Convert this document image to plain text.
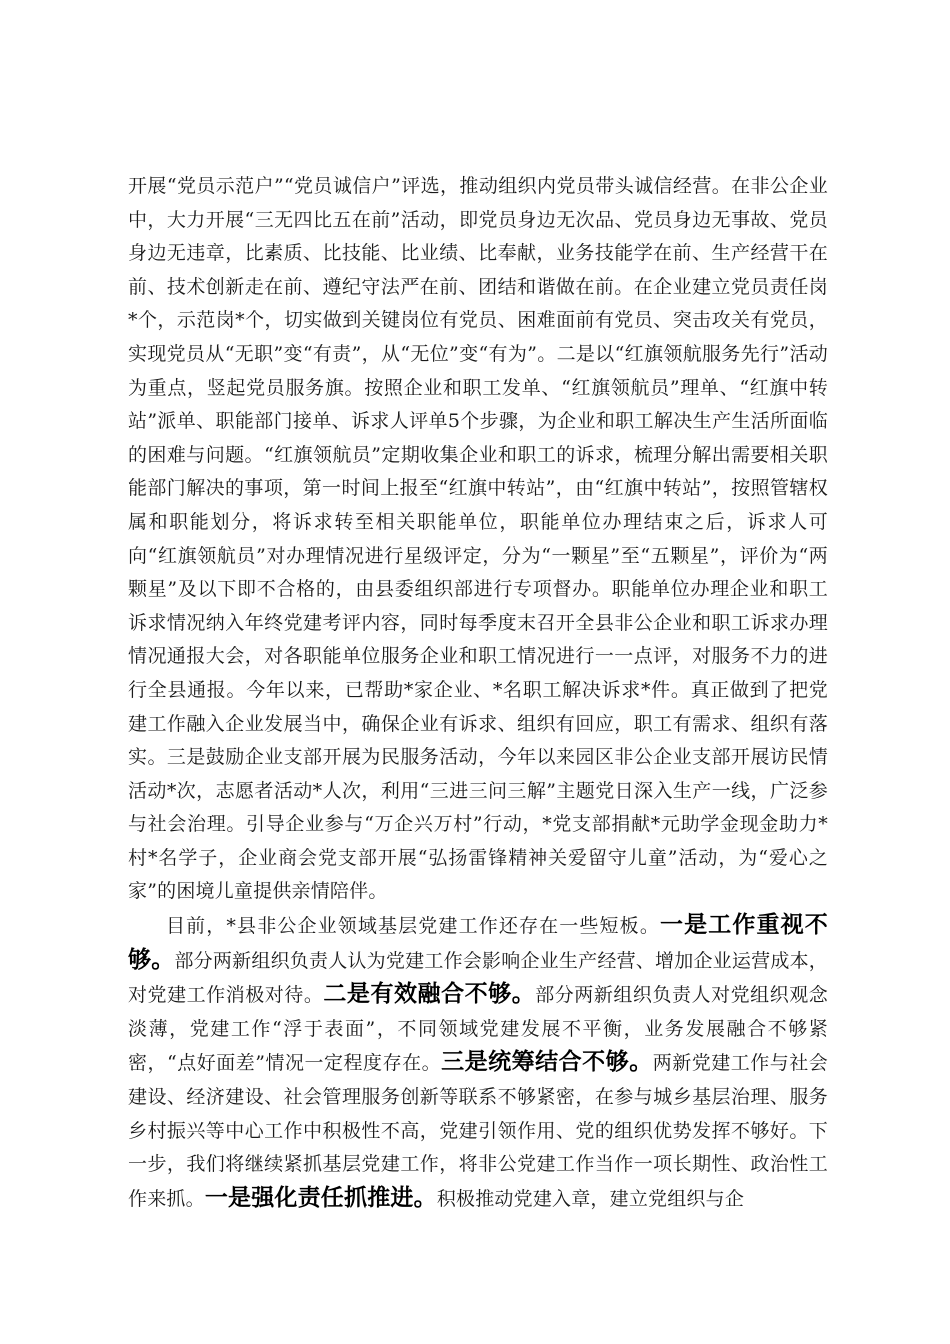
开展“党员示范户”“党员诚信户”评选，推动组织内党员带头诚信经营。在非公企业中，大力开展“三无四比五在前”活动，即党员身边无次品、党员身边无事故、党员身边无违章，比素质、比技能、比业绩、比奉献，业务技能学在前、生产经营干在前、技术创新走在前、遵纪守法严在前、团结和谐做在前。在企业建立党员责任岗*个，示范岗*个，切实做到关键岗位有党员、困难面前有党员、突击攻关有党员，实现党员从“无职”变“有责”，从“无位”变“有为”。二是以“红旗领航服务先行”活动为重点，竖起党员服务旗。按照企业和职工发单、“红旗领航员”理单、“红旗中转站”派单、职能部门接单、诉求人评单5个步骤，为企业和职工解决生产生活所面临的困难与问题。“红旗领航员”定期收集企业和职工的诉求，梳理分解出需要相关职能部门解决的事项，第一时间上报至“红旗中转站”，由“红旗中转站”，按照管辖权属和职能划分，将诉求转至相关职能单位，职能单位办理结束之后，诉求人可向“红旗领航员”对办理情况进行星级评定，分为“一颗星”至“五颗星”，评价为“两颗星”及以下即不合格的，由县委组织部进行专项督办。职能单位办理企业和职工诉求情况纳入年终党建考评内容，同时每季度末召开全县非公企业和职工诉求办理情况通报大会，对各职能单位服务企业和职工情况进行一一点评，对服务不力的进行全县通报。今年以来，已帮助*家企业、*名职工解决诉求*件。真正做到了把党建工作融入企业发展当中，确保企业有诉求、组织有回应，职工有需求、组织有落实。三是鼓励企业支部开展为民服务活动，今年以来园区非公企业支部开展访民情活动*次，志愿者活动*人次，利用“三进三问三解”主题党日深入生产一线，广泛参与社会治理。引导企业参与“万企兴万村”行动，*党支部捐献*元助学金现金助力*村*名学子，企业商会党支部开展“弘扬雷锋精神关爱留守儿童”活动，为“爱心之家”的困境儿童提供亲情陪伴。

目前，*县非公企业领域基层党建工作还存在一些短板。一是工作重视不够。部分两新组织负责人认为党建工作会影响企业生产经营、增加企业运营成本，对党建工作消极对待。二是有效融合不够。部分两新组织负责人对党组织观念淡薄，党建工作“浮于表面”，不同领域党建发展不平衡，业务发展融合不够紧密，“点好面差”情况一定程度存在。三是统筹结合不够。两新党建工作与社会建设、经济建设、社会管理服务创新等联系不够紧密，在参与城乡基层治理、服务乡村振兴等中心工作中积极性不高，党建引领作用、党的组织优势发挥不够好。下一步，我们将继续紧抓基层党建工作，将非公党建工作当作一项长期性、政治性工作来抓。一是强化责任抓推进。积极推动党建入章，建立党组织与企
